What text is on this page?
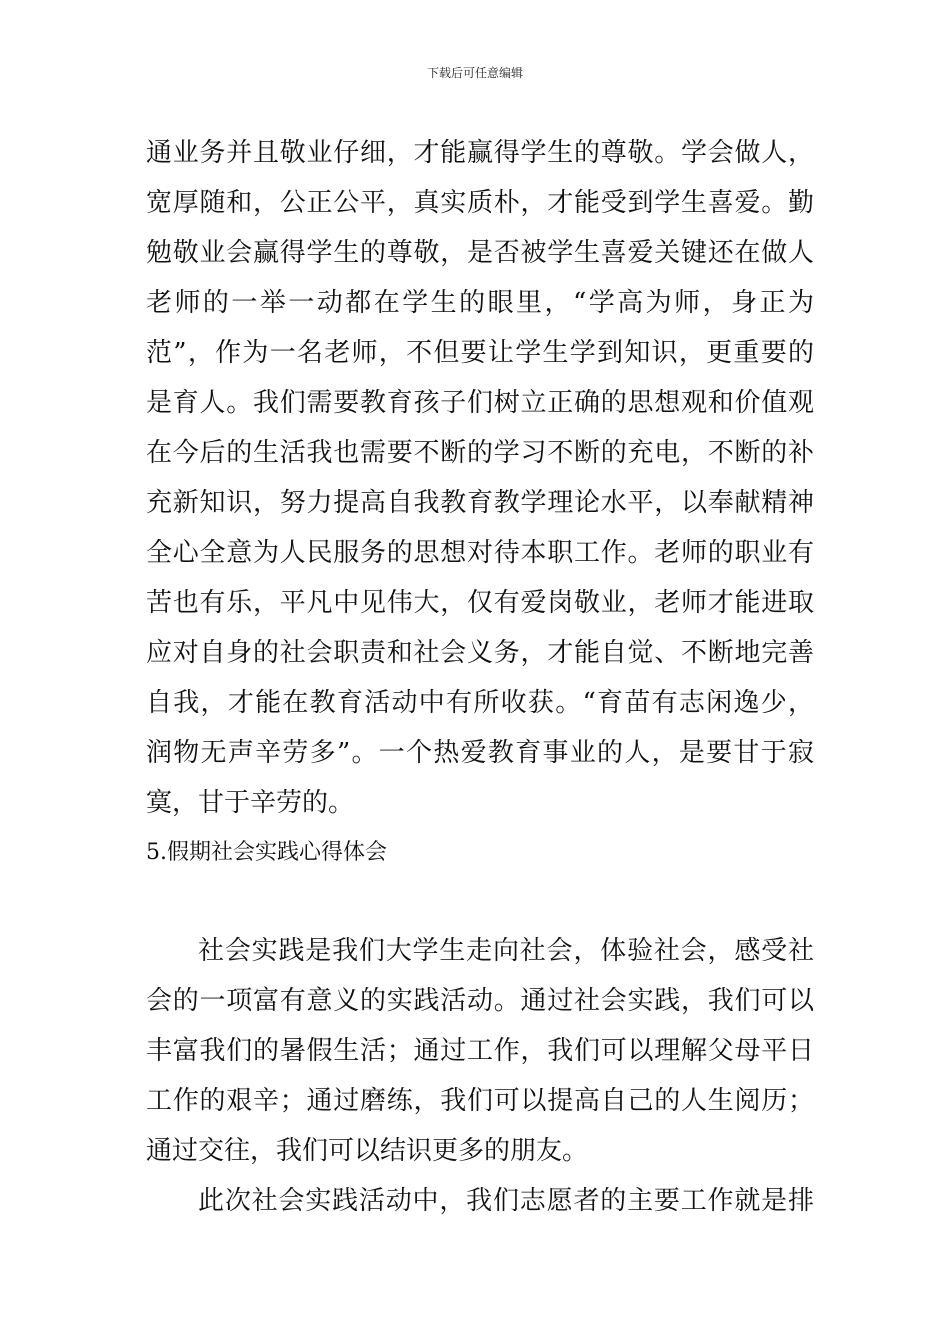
下载后可任意编辑
通业务并且敬业仔细，才能赢得学生的尊敬。学会做人，
宽厚随和，公正公平，真实质朴，才能受到学生喜爱。勤
勉敬业会赢得学生的尊敬，是否被学生喜爱关键还在做人
老师的一举一动都在学生的眼里，“学高为师，身正为
范”，作为一名老师，不但要让学生学到知识，更重要的
是育人。我们需要教育孩子们树立正确的思想观和价值观
在今后的生活我也需要不断的学习不断的充电，不断的补
充新知识，努力提高自我教育教学理论水平，以奉献精神
全心全意为人民服务的思想对待本职工作。老师的职业有
苦也有乐，平凡中见伟大，仅有爱岗敬业，老师才能进取
应对自身的社会职责和社会义务，才能自觉、不断地完善
自我，才能在教育活动中有所收获。“育苗有志闲逸少，
润物无声辛劳多”。一个热爱教育事业的人，是要甘于寂
寞，甘于辛劳的。
5.假期社会实践心得体会
社会实践是我们大学生走向社会，体验社会，感受社
会的一项富有意义的实践活动。通过社会实践，我们可以
丰富我们的暑假生活；通过工作，我们可以理解父母平日
工作的艰辛；通过磨练，我们可以提高自己的人生阅历；
通过交往，我们可以结识更多的朋友。
此次社会实践活动中，我们志愿者的主要工作就是排
